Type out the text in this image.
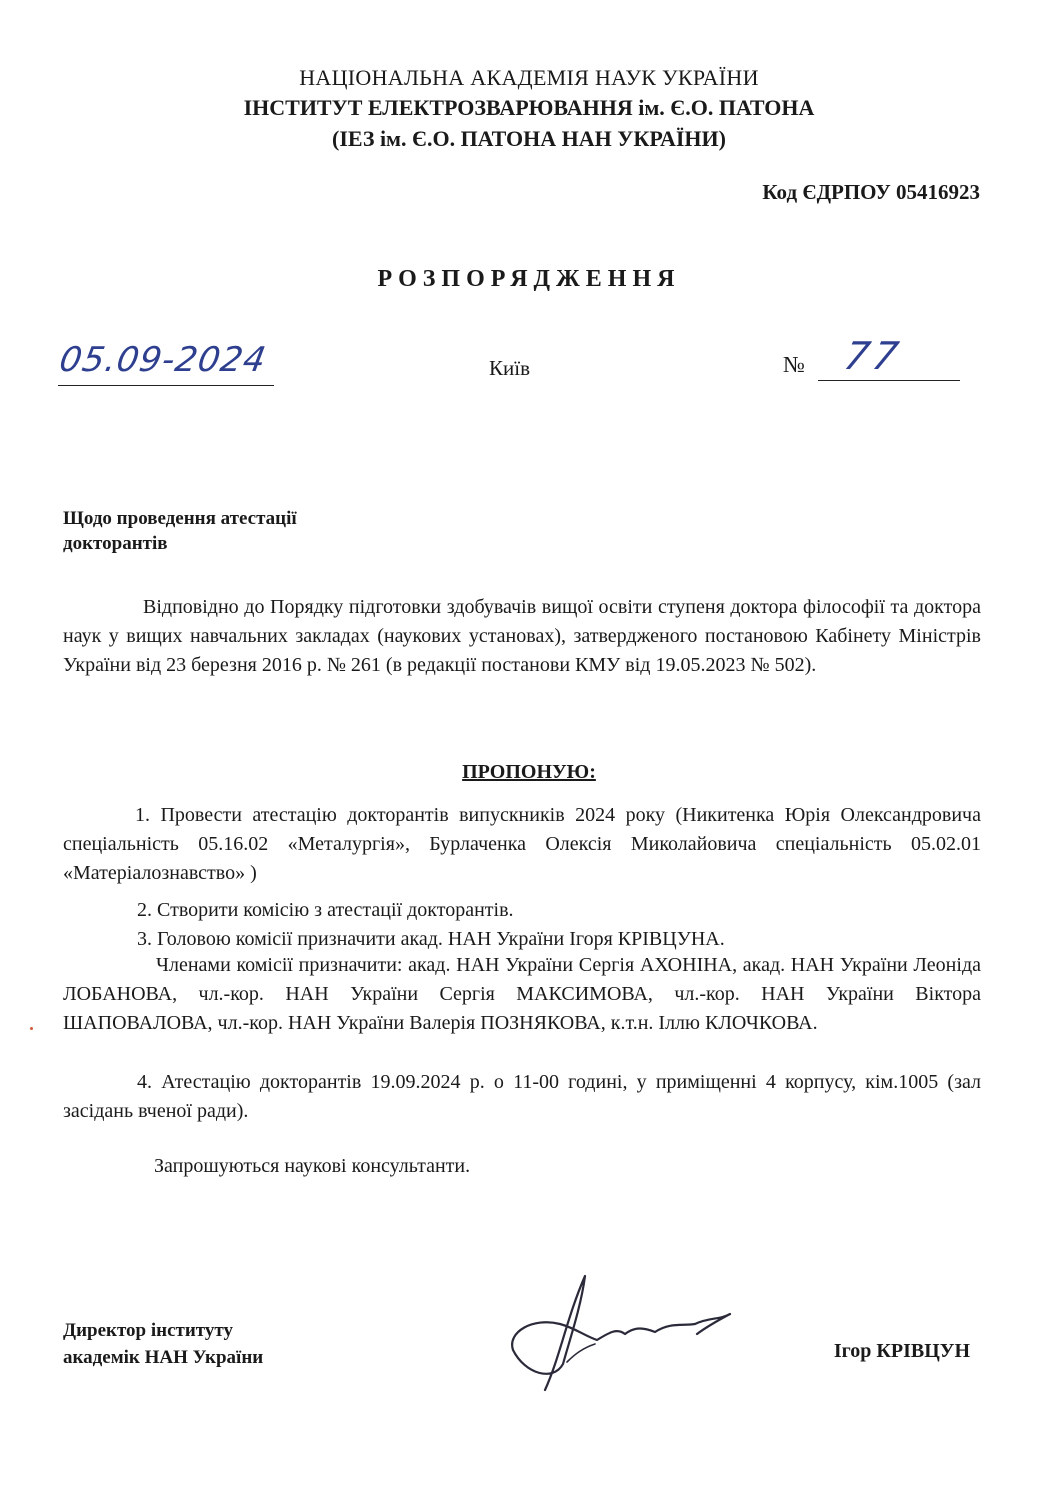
НАЦІОНАЛЬНА АКАДЕМІЯ НАУК УКРАЇНИ
ІНСТИТУТ ЕЛЕКТРОЗВАРЮВАННЯ ім. Є.О. ПАТОНА
(ІЕЗ ім. Є.О. ПАТОНА НАН УКРАЇНИ)
Код ЄДРПОУ 05416923
РОЗПОРЯДЖЕННЯ
05.09-2024	Київ	№ 77
Щодо проведення атестації
докторантів
Відповідно до Порядку підготовки здобувачів вищої освіти ступеня доктора філософії та доктора наук у вищих навчальних закладах (наукових установах), затвердженого постановою Кабінету Міністрів України від 23 березня 2016 р. № 261 (в редакції постанови КМУ від 19.05.2023 № 502).
ПРОПОНУЮ:
1. Провести атестацію докторантів випускників 2024 року (Никитенка Юрія Олександровича спеціальність 05.16.02 «Металургія», Бурлаченка Олексія Миколайовича спеціальність 05.02.01 «Матеріалознавство» )
2. Створити комісію з атестації докторантів.
3. Головою комісії призначити акад. НАН України Ігоря КРІВЦУНА.
Членами комісії призначити: акад. НАН України Сергія АХОНІНА, акад. НАН України Леоніда ЛОБАНОВА, чл.-кор. НАН України Сергія МАКСИМОВА, чл.-кор. НАН України Віктора ШАПОВАЛОВА, чл.-кор. НАН України Валерія ПОЗНЯКОВА, к.т.н. Іллю КЛОЧКОВА.
4. Атестацію докторантів 19.09.2024 р. о 11-00 годині, у приміщенні 4 корпусу, кім.1005 (зал засідань вченої ради).
Запрошуються наукові консультанти.
Директор інституту
академік НАН України	Ігор КРІВЦУН
